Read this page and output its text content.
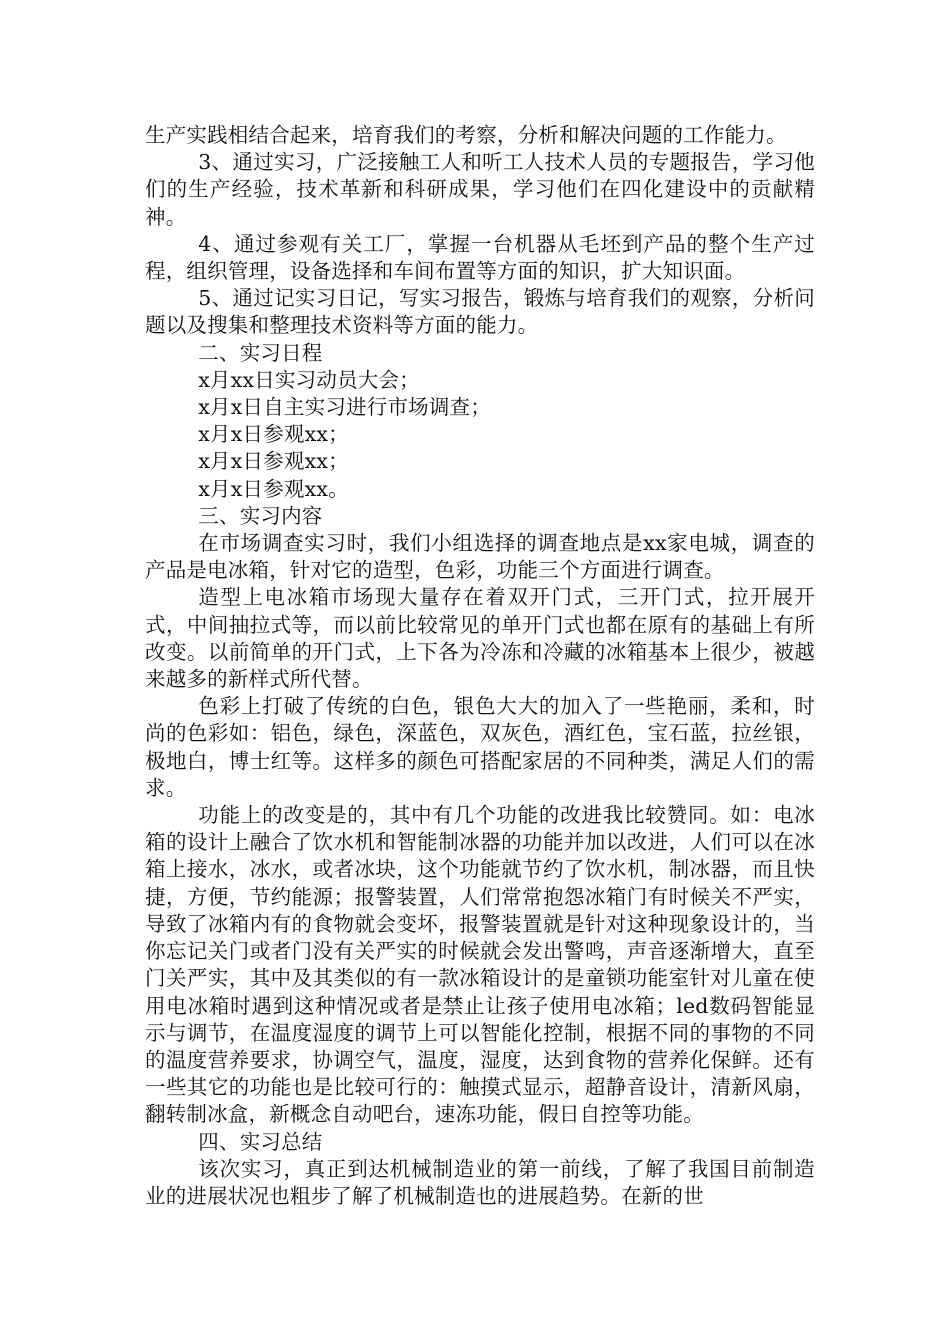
生产实践相结合起来，培育我们的考察，分析和解决问题的工作能力。

3、通过实习，广泛接触工人和听工人技术人员的专题报告，学习他们的生产经验，技术革新和科研成果，学习他们在四化建设中的贡献精神。

4、通过参观有关工厂，掌握一台机器从毛坯到产品的整个生产过程，组织管理，设备选择和车间布置等方面的知识，扩大知识面。

5、通过记实习日记，写实习报告，锻炼与培育我们的观察，分析问题以及搜集和整理技术资料等方面的能力。

二、实习日程

x月xx日实习动员大会；

x月x日自主实习进行市场调查；

x月x日参观xx；

x月x日参观xx；

x月x日参观xx。

三、实习内容

在市场调查实习时，我们小组选择的调查地点是xx家电城，调查的产品是电冰箱，针对它的造型，色彩，功能三个方面进行调查。

造型上电冰箱市场现大量存在着双开门式，三开门式，拉开展开式，中间抽拉式等，而以前比较常见的单开门式也都在原有的基础上有所改变。以前简单的开门式，上下各为冷冻和冷藏的冰箱基本上很少，被越来越多的新样式所代替。

色彩上打破了传统的白色，银色大大的加入了一些艳丽，柔和，时尚的色彩如：铝色，绿色，深蓝色，双灰色，酒红色，宝石蓝，拉丝银，极地白，博士红等。这样多的颜色可搭配家居的不同种类，满足人们的需求。

功能上的改变是的，其中有几个功能的改进我比较赞同。如：电冰箱的设计上融合了饮水机和智能制冰器的功能并加以改进，人们可以在冰箱上接水，冰水，或者冰块，这个功能就节约了饮水机，制冰器，而且快捷，方便，节约能源；报警装置，人们常常抱怨冰箱门有时候关不严实，导致了冰箱内有的食物就会变坏，报警装置就是针对这种现象设计的，当你忘记关门或者门没有关严实的时候就会发出警鸣，声音逐渐增大，直至门关严实，其中及其类似的有一款冰箱设计的是童锁功能室针对儿童在使用电冰箱时遇到这种情况或者是禁止让孩子使用电冰箱；led数码智能显示与调节，在温度湿度的调节上可以智能化控制，根据不同的事物的不同的温度营养要求，协调空气，温度，湿度，达到食物的营养化保鲜。还有一些其它的功能也是比较可行的：触摸式显示，超静音设计，清新风扇，翻转制冰盒，新概念自动吧台，速冻功能，假日自控等功能。

四、实习总结

该次实习，真正到达机械制造业的第一前线，了解了我国目前制造业的进展状况也粗步了解了机械制造也的进展趋势。在新的世
